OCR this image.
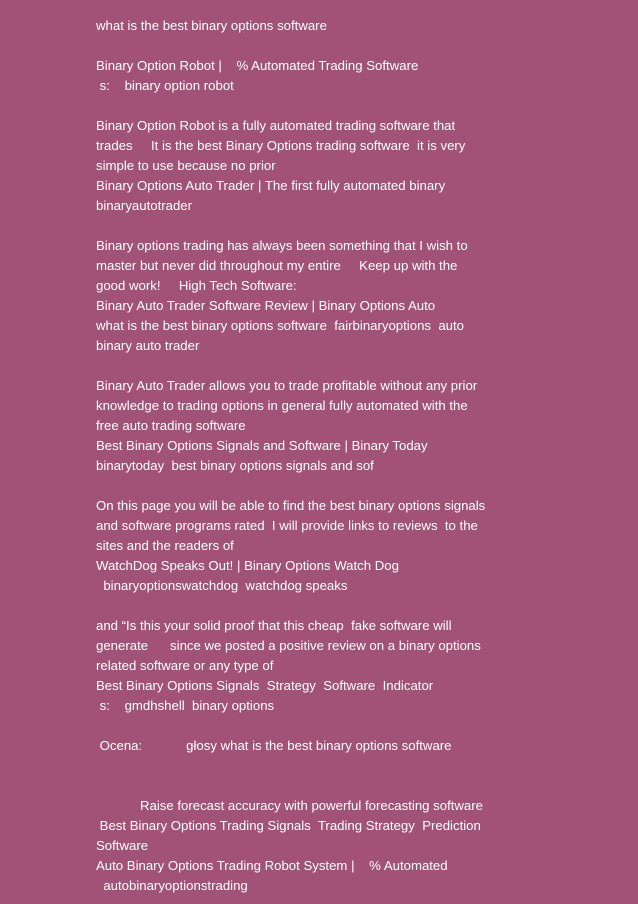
what is the best binary options software
Binary Option Robot |    % Automated Trading Software
s:    binary option robot
Binary Option Robot is a fully automated trading software that
trades     It is the best Binary Options trading software  it is very
simple to use because no prior
Binary Options Auto Trader | The first fully automated binary
binaryautotrader
Binary options trading has always been something that I wish to
master but never did throughout my entire     Keep up with the
good work!     High Tech Software:
Binary Auto Trader Software Review | Binary Options Auto
what is the best binary options software  fairbinaryoptions  auto
binary auto trader
Binary Auto Trader allows you to trade profitable without any prior
knowledge to trading options in general fully automated with the
free auto trading software
Best Binary Options Signals and Software | Binary Today
binarytoday  best binary options signals and sof
On this page you will be able to find the best binary options signals
and software programs rated  I will provide links to reviews  to the
sites and the readers of
WatchDog Speaks Out! | Binary Options Watch Dog
binaryoptionswatchdog  watchdog speaks
and “Is this your solid proof that this cheap  fake software will
generate      since we posted a positive review on a binary options
related software or any type of
Best Binary Options Signals  Strategy  Software  Indicator
s:    gmdhshell  binary options
Ocena:            głosy what is the best binary options software
Raise forecast accuracy with powerful forecasting software
Best Binary Options Trading Signals  Trading Strategy  Prediction
Software
Auto Binary Options Trading Robot System |    % Automated
autobinaryoptionstrading
